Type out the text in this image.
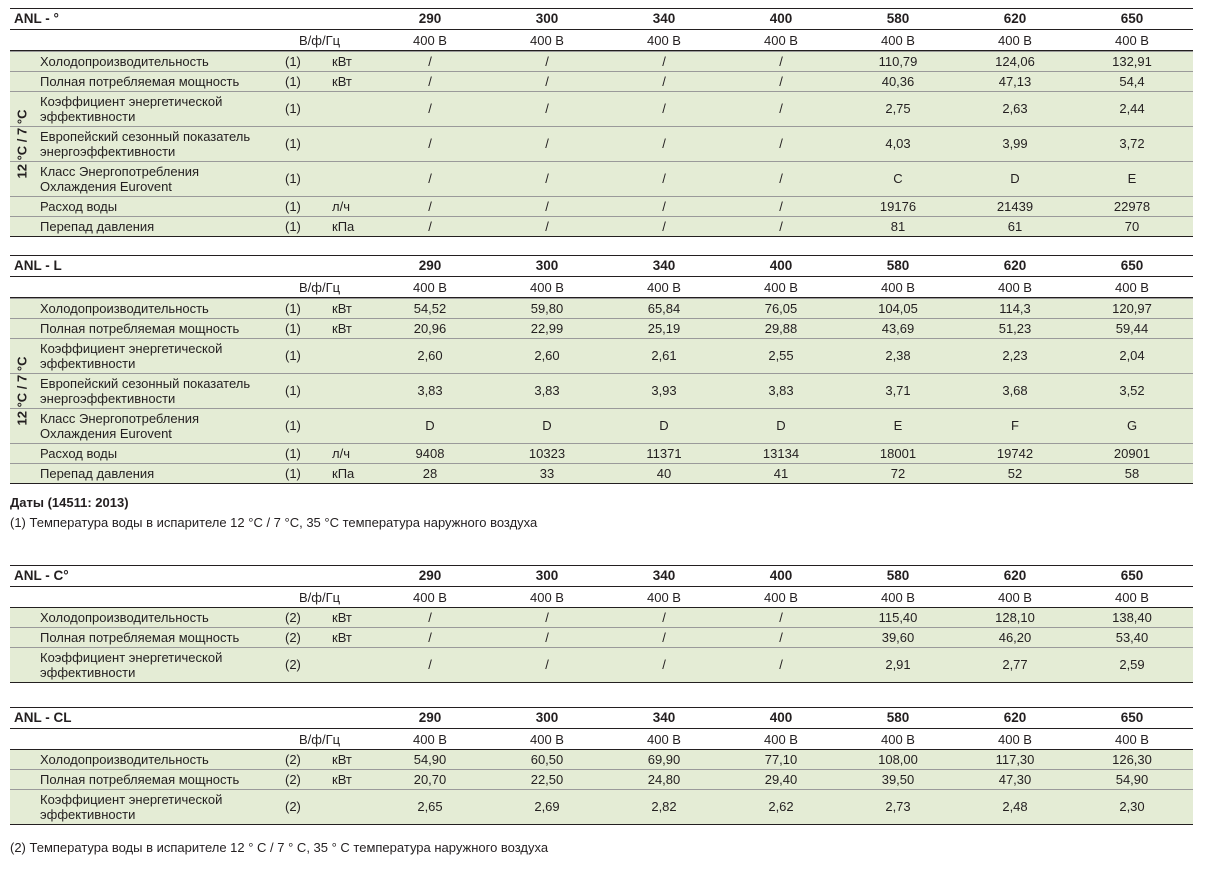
ANL - °	290	300	340	400	580	620	650
В/ф/Гц	400 В	400 В	400 В	400 В	400 В	400 В	400 В
12 °C / 7 °C
Холодопроизводительность	(1) кВт	/	/	/	/	110,79	124,06	132,91
Полная потребляемая мощность	(1) кВт	/	/	/	/	40,36	47,13	54,4
Коэффициент энергетической эффективности
(1)	/	/	/	/	2,75	2,63	2,44
Европейский сезонный показатель энергоэффективности
(1)	/	/	/	/	4,03	3,99	3,72
Класс Энергопотребления Охлаждения Eurovent
(1)	/	/	/	/	C	D	E
Расход воды	(1) л/ч	/	/	/	/	19176	21439	22978
Перепад давления	(1) кПа	/	/	/	/	81	61	70
ANL - L	290	300	340	400	580	620	650
В/ф/Гц	400 В	400 В	400 В	400 В	400 В	400 В	400 В
12 °C / 7 °C
Холодопроизводительность	(1) кВт	54,52	59,80	65,84	76,05	104,05	114,3	120,97
Полная потребляемая мощность	(1) кВт	20,96	22,99	25,19	29,88	43,69	51,23	59,44
Коэффициент энергетической эффективности
(1)	2,60	2,60	2,61	2,55	2,38	2,23	2,04
Европейский сезонный показатель энергоэффективности
(1)	3,83	3,83	3,93	3,83	3,71	3,68	3,52
Класс Энергопотребления Охлаждения Eurovent
(1)	D	D	D	D	E	F	G
Расход воды	(1) л/ч	9408	10323	11371	13134	18001	19742	20901
Перепад давления	(1) кПа	28	33	40	41	72	52	58
ANL - C°	290	300	340	400	580	620	650
В/ф/Гц	400 В	400 В	400 В	400 В	400 В	400 В	400 В
Холодопроизводительность	(2) кВт	/	/	/	/	115,40	128,10	138,40
Полная потребляемая мощность	(2) кВт	/	/	/	/	39,60	46,20	53,40
Коэффициент энергетической эффективности
(2)	/	/	/	/	2,91	2,77	2,59
ANL - CL	290	300	340	400	580	620	650
В/ф/Гц	400 В	400 В	400 В	400 В	400 В	400 В	400 В
Холодопроизводительность	(2) кВт	54,90	60,50	69,90	77,10	108,00	117,30	126,30
Полная потребляемая мощность	(2) кВт	20,70	22,50	24,80	29,40	39,50	47,30	54,90
Коэффициент энергетической эффективности
(2)	2,65	2,69	2,82	2,62	2,73	2,48	2,30
Даты (14511: 2013)
(1) Температура воды в испарителе 12 °C / 7 °C, 35 °C температура наружного воздуха
(2) Температура воды в испарителе 12 ° C / 7 ° C, 35 ° C температура наружного воздуха
